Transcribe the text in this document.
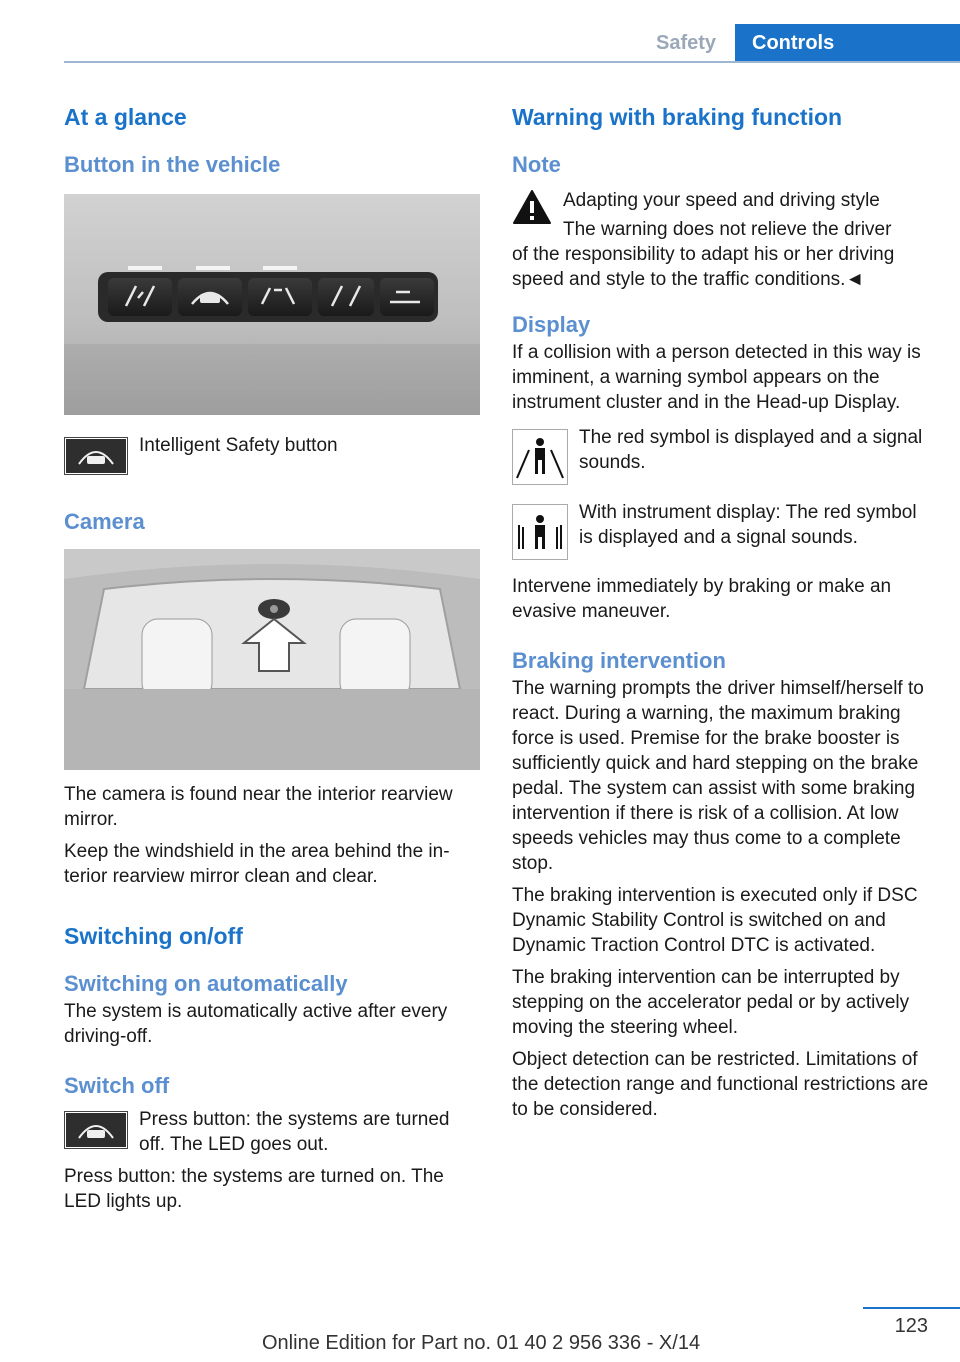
Safety	Controls
At a glance
Button in the vehicle
Intelligent Safety button
Camera

The camera is found near the interior rearview mirror.

Keep the windshield in the area behind the interior rearview mirror clean and clear.

Switching on/off
Switching on automatically

The system is automatically active after every driving-off.

Switch off
Press button: the systems are turned off. The LED goes out.

Press button: the systems are turned on. The LED lights up.

Warning with braking function
Note
Adapting your speed and driving style
The warning does not relieve the driver

of the responsibility to adapt his or her driving speed and style to the traffic conditions.◄

Display

If a collision with a person detected in this way is imminent, a warning symbol appears on the instrument cluster and in the Head-up Display.

The red symbol is displayed and a signal sounds.
With instrument display: The red symbol is displayed and a signal sounds.

Intervene immediately by braking or make an evasive maneuver.

Braking intervention

The warning prompts the driver himself/herself to react. During a warning, the maximum braking force is used. Premise for the brake booster is sufficiently quick and hard stepping on the brake pedal. The system can assist with some braking intervention if there is risk of a collision. At low speeds vehicles may thus come to a complete stop.

The braking intervention is executed only if DSC Dynamic Stability Control is switched on and Dynamic Traction Control DTC is activated.

The braking intervention can be interrupted by stepping on the accelerator pedal or by actively moving the steering wheel.

Object detection can be restricted. Limitations of the detection range and functional restrictions are to be considered.

123
Online Edition for Part no. 01 40 2 956 336 - X/14
